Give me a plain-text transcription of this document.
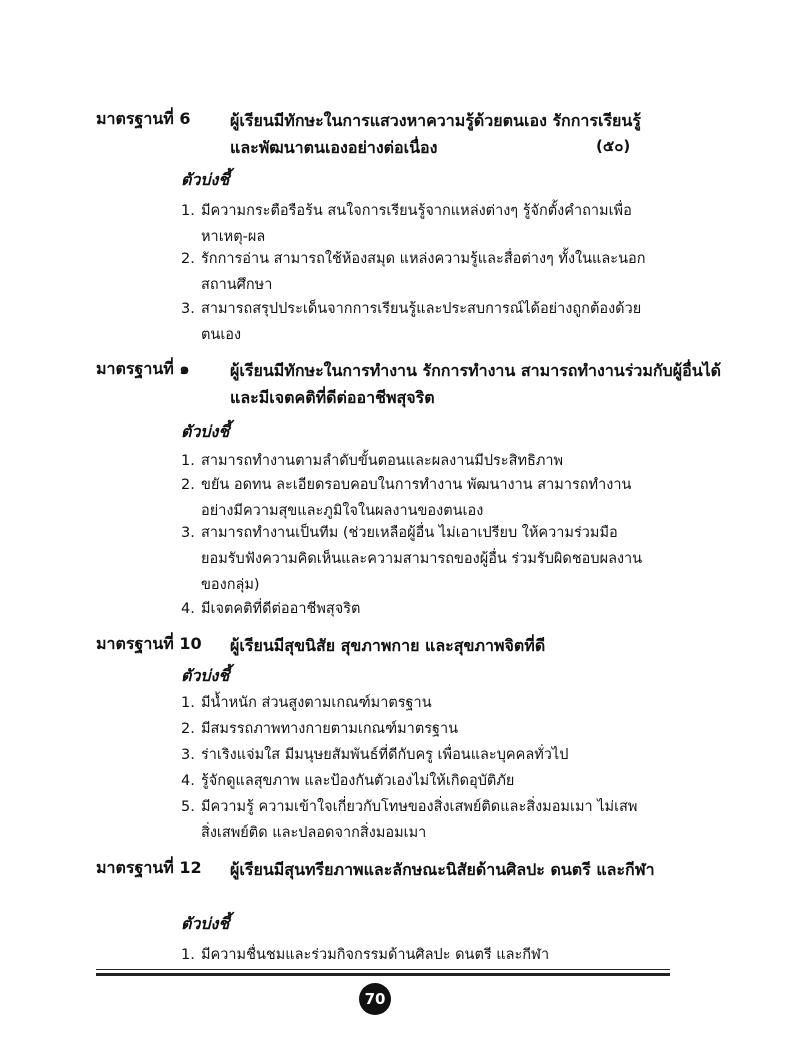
มาตรฐานที่ 6 ผู้เรียนมีทักษะในการแสวงหาความรู้ด้วยตนเอง รักการเรียนรู้และพัฒนาตนเองอย่างต่อเนื่อง	(๕๐)
ตัวบ่งชี้
1. มีความกระตือรือร้น สนใจการเรียนรู้จากแหล่งต่างๆ รู้จักตั้งคำถามเพื่อหาเหตุ-ผล
2. รักการอ่าน สามารถใช้ห้องสมุด แหล่งความรู้และสื่อต่างๆ ทั้งในและนอกสถานศึกษา
3. สามารถสรุปประเด็นจากการเรียนรู้และประสบการณ์ได้อย่างถูกต้องด้วยตนเอง
มาตรฐานที่ ๑	ผู้เรียนมีทักษะในการทำงาน รักการทำงาน สามารถทำงานร่วมกับผู้อื่นได้ และมีเจตคติที่ดีต่ออาชีพสุจริต
ตัวบ่งชี้
1. สามารถทำงานตามลำดับขั้นตอนและผลงานมีประสิทธิภาพ
2. ขยัน อดทน ละเอียดรอบคอบในการทำงาน พัฒนางาน สามารถทำงานอย่างมีความสุขและภูมิใจในผลงานของตนเอง
3. สามารถทำงานเป็นทีม (ช่วยเหลือผู้อื่น ไม่เอาเปรียบ ให้ความร่วมมือ ยอมรับฟังความคิดเห็นและความสามารถของผู้อื่น ร่วมรับผิดชอบผลงานของกลุ่ม)
4. มีเจตคติที่ดีต่ออาชีพสุจริต
มาตรฐานที่ 10 ผู้เรียนมีสุขนิสัย สุขภาพกาย และสุขภาพจิตที่ดี
ตัวบ่งชี้
1. มีน้ำหนัก ส่วนสูงตามเกณฑ์มาตรฐาน
2. มีสมรรถภาพทางกายตามเกณฑ์มาตรฐาน
3. ร่าเริงแจ่มใส มีมนุษยสัมพันธ์ที่ดีกับครู เพื่อนและบุคคลทั่วไป
4. รู้จักดูแลสุขภาพ และป้องกันตัวเองไม่ให้เกิดอุบัติภัย
5. มีความรู้ ความเข้าใจเกี่ยวกับโทษของสิ่งเสพย์ติดและสิ่งมอมเมา ไม่เสพสิ่งเสพย์ติด และปลอดจากสิ่งมอมเมา
มาตรฐานที่ 12 ผู้เรียนมีสุนทรียภาพและลักษณะนิสัยด้านศิลปะ ดนตรี และกีฬา
ตัวบ่งชี้
1. มีความชื่นชมและร่วมกิจกรรมด้านศิลปะ ดนตรี และกีฬา
70
